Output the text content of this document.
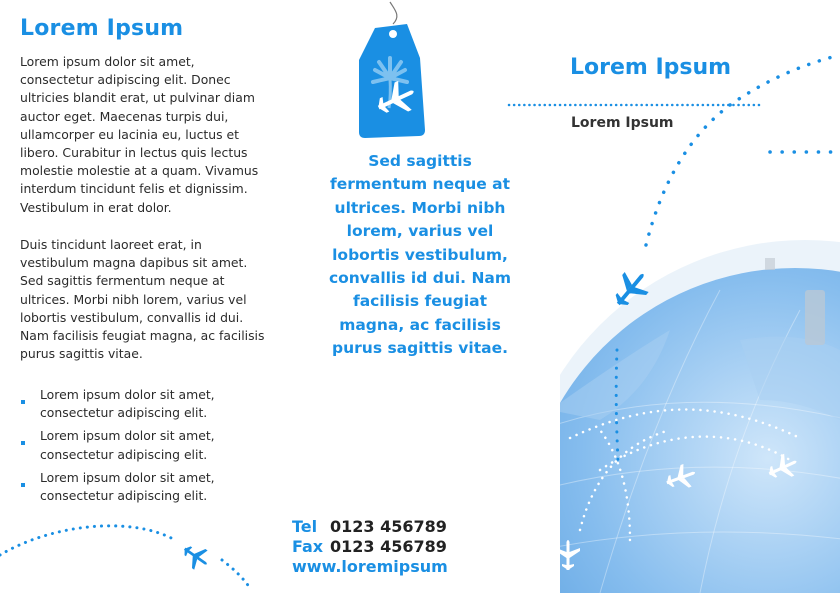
Lorem Ipsum

Lorem ipsum dolor sit amet, consectetur adipiscing elit. Donec ultricies blandit erat, ut pulvinar diam auctor eget. Maecenas turpis dui, ullamcorper eu lacinia eu, luctus et libero. Curabitur in lectus quis lectus molestie molestie at a quam. Vivamus interdum tincidunt felis et dignissim. Vestibulum in erat dolor.

Duis tincidunt laoreet erat, in vestibulum magna dapibus sit amet. Sed sagittis fermentum neque at ultrices. Morbi nibh lorem, varius vel lobortis vestibulum, convallis id dui. Nam facilisis feugiat magna, ac facilisis purus sagittis vitae.

Lorem ipsum dolor sit amet, consectetur adipiscing elit.
Lorem ipsum dolor sit amet, consectetur adipiscing elit.
Lorem ipsum dolor sit amet, consectetur adipiscing elit.

Sed sagittis fermentum neque at ultrices. Morbi nibh lorem, varius vel lobortis vestibulum, convallis id dui. Nam facilisis feugiat magna, ac facilisis purus sagittis vitae.

Tel 0123 456789
Fax 0123 456789
www.loremipsum
Lorem Ipsum
Lorem Ipsum
